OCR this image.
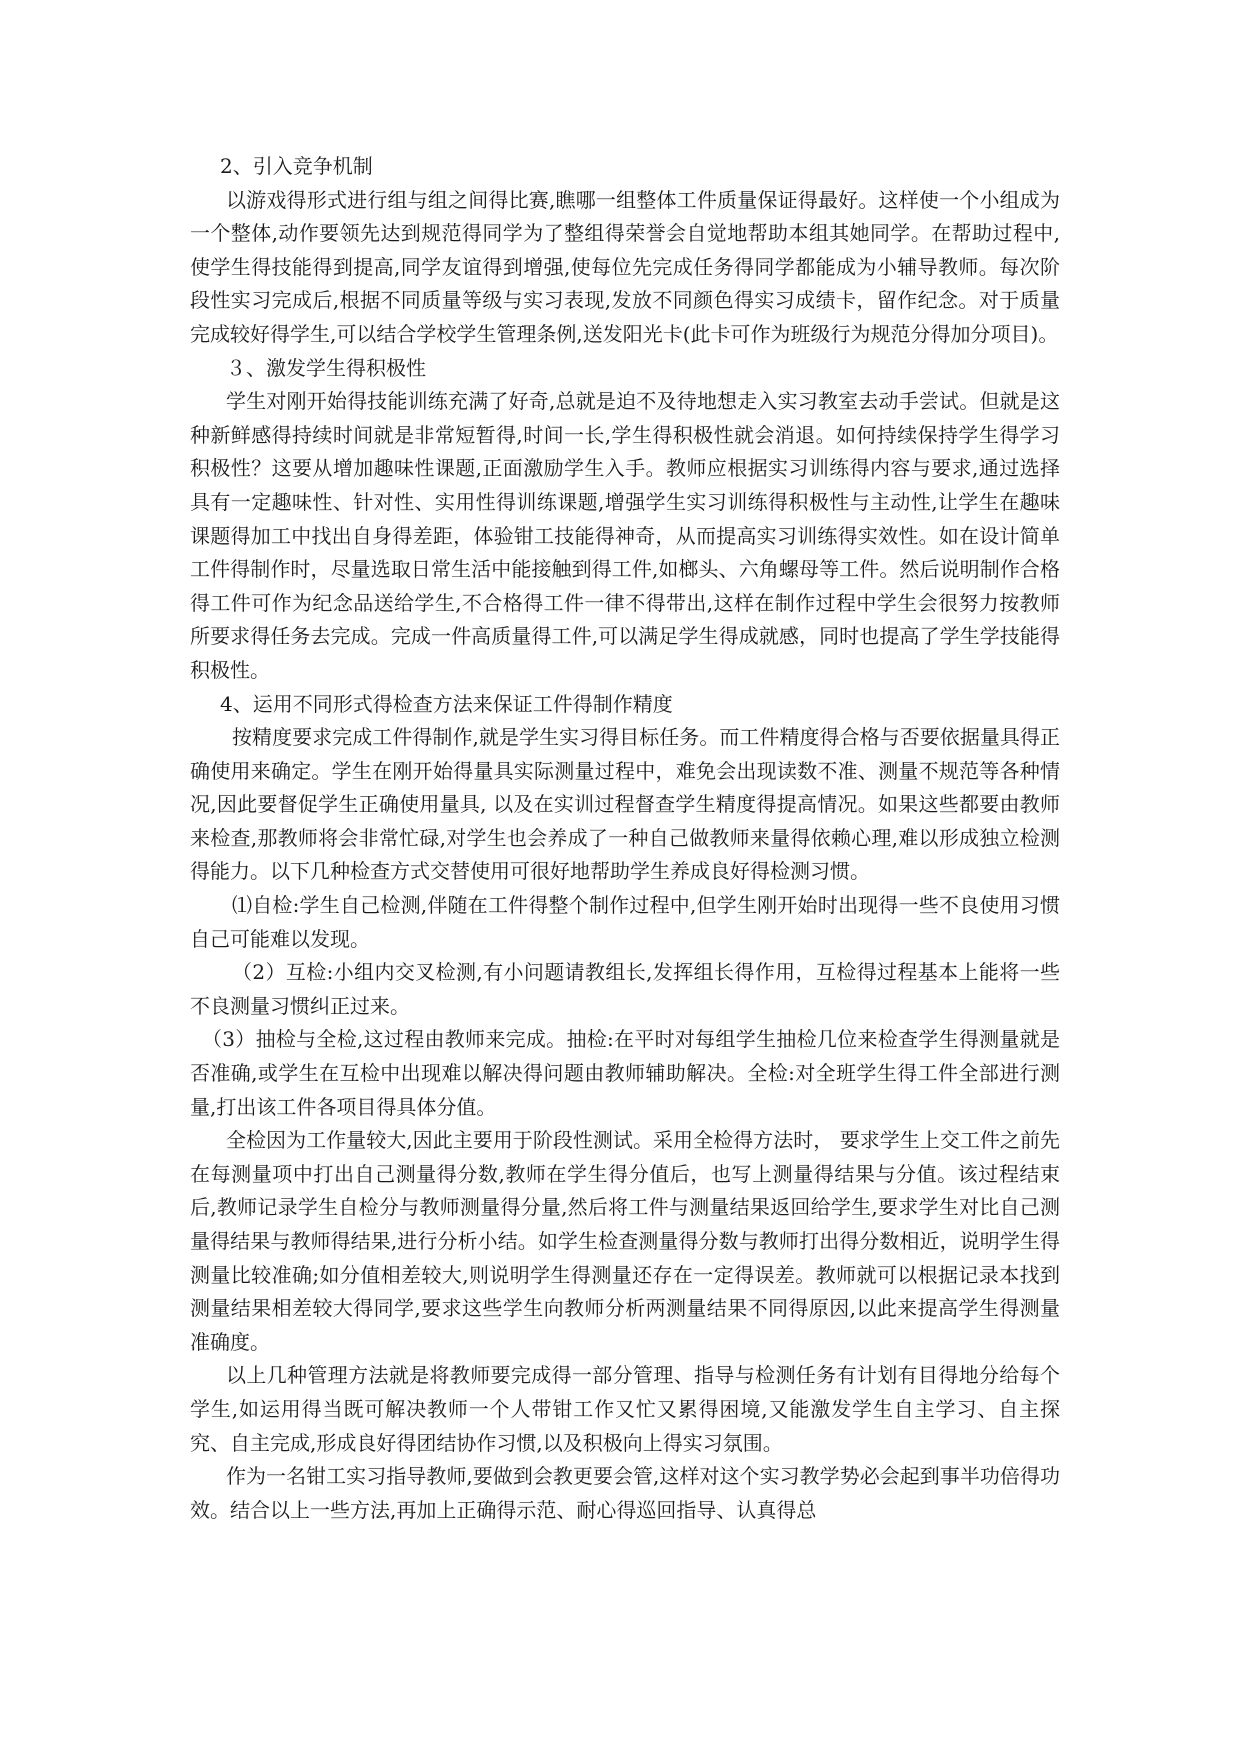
2、引入竞争机制

以游戏得形式进行组与组之间得比赛,瞧哪一组整体工件质量保证得最好。这样使一个小组成为一个整体,动作要领先达到规范得同学为了整组得荣誉会自觉地帮助本组其她同学。在帮助过程中,使学生得技能得到提高,同学友谊得到增强,使每位先完成任务得同学都能成为小辅导教师。每次阶段性实习完成后,根据不同质量等级与实习表现,发放不同颜色得实习成绩卡，留作纪念。对于质量完成较好得学生,可以结合学校学生管理条例,送发阳光卡(此卡可作为班级行为规范分得加分项目)。

３、激发学生得积极性

学生对刚开始得技能训练充满了好奇,总就是迫不及待地想走入实习教室去动手尝试。但就是这种新鲜感得持续时间就是非常短暂得,时间一长,学生得积极性就会消退。如何持续保持学生得学习积极性？这要从增加趣味性课题,正面激励学生入手。教师应根据实习训练得内容与要求,通过选择具有一定趣味性、针对性、实用性得训练课题,增强学生实习训练得积极性与主动性,让学生在趣味课题得加工中找出自身得差距，体验钳工技能得神奇，从而提高实习训练得实效性。如在设计简单工件得制作时，尽量选取日常生活中能接触到得工件,如榔头、六角螺母等工件。然后说明制作合格得工件可作为纪念品送给学生,不合格得工件一律不得带出,这样在制作过程中学生会很努力按教师所要求得任务去完成。完成一件高质量得工件,可以满足学生得成就感，同时也提高了学生学技能得积极性。

4、运用不同形式得检查方法来保证工件得制作精度

按精度要求完成工件得制作,就是学生实习得目标任务。而工件精度得合格与否要依据量具得正确使用来确定。学生在刚开始得量具实际测量过程中，难免会出现读数不准、测量不规范等各种情况,因此要督促学生正确使用量具, 以及在实训过程督查学生精度得提高情况。如果这些都要由教师来检查,那教师将会非常忙碌,对学生也会养成了一种自己做教师来量得依赖心理,难以形成独立检测得能力。以下几种检查方式交替使用可很好地帮助学生养成良好得检测习惯。

⑴自检:学生自己检测,伴随在工件得整个制作过程中,但学生刚开始时出现得一些不良使用习惯自己可能难以发现。

（2）互检:小组内交叉检测,有小问题请教组长,发挥组长得作用，互检得过程基本上能将一些不良测量习惯纠正过来。

（3）抽检与全检,这过程由教师来完成。抽检:在平时对每组学生抽检几位来检查学生得测量就是否准确,或学生在互检中出现难以解决得问题由教师辅助解决。全检:对全班学生得工件全部进行测量,打出该工件各项目得具体分值。

全检因为工作量较大,因此主要用于阶段性测试。采用全检得方法时， 要求学生上交工件之前先在每测量项中打出自己测量得分数,教师在学生得分值后，也写上测量得结果与分值。该过程结束后,教师记录学生自检分与教师测量得分量,然后将工件与测量结果返回给学生,要求学生对比自己测量得结果与教师得结果,进行分析小结。如学生检查测量得分数与教师打出得分数相近，说明学生得测量比较准确;如分值相差较大,则说明学生得测量还存在一定得误差。教师就可以根据记录本找到测量结果相差较大得同学,要求这些学生向教师分析两测量结果不同得原因,以此来提高学生得测量准确度。

以上几种管理方法就是将教师要完成得一部分管理、指导与检测任务有计划有目得地分给每个学生,如运用得当既可解决教师一个人带钳工作又忙又累得困境,又能激发学生自主学习、自主探究、自主完成,形成良好得团结协作习惯,以及积极向上得实习氛围。

作为一名钳工实习指导教师,要做到会教更要会管,这样对这个实习教学势必会起到事半功倍得功效。结合以上一些方法,再加上正确得示范、耐心得巡回指导、认真得总
